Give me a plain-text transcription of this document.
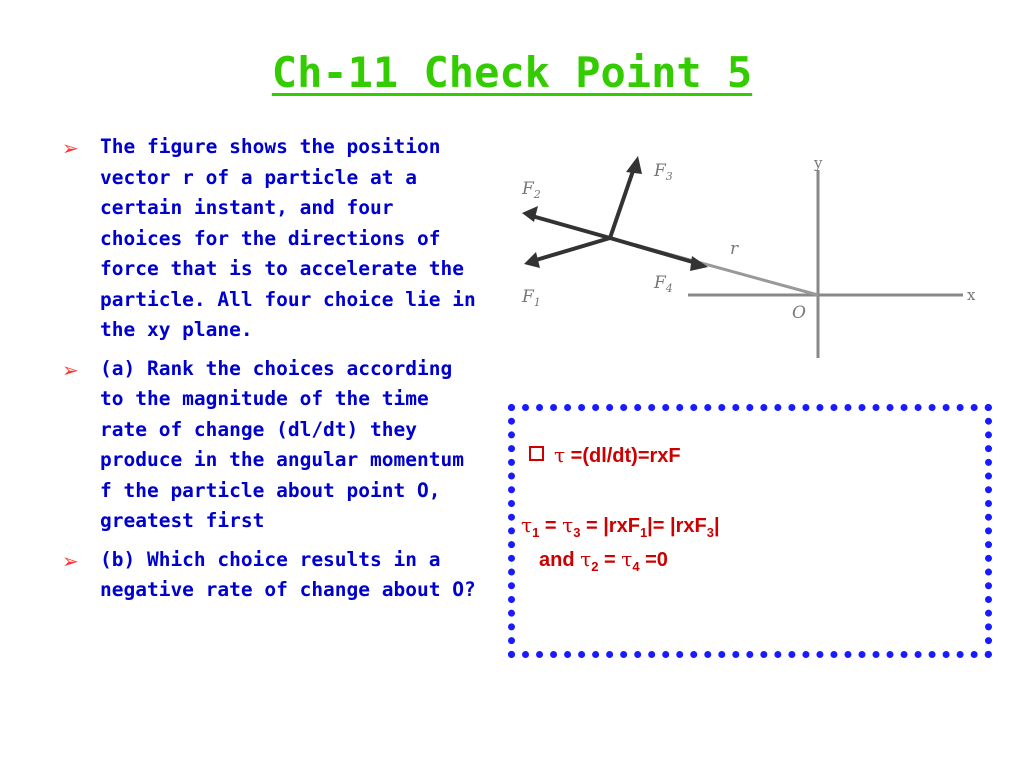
Ch-11 Check Point 5
➢ The figure shows the position vector r of a particle at a certain instant, and four choices for the directions of force that is to accelerate the particle. All four choice lie in the xy plane.
➢ (a) Rank the choices according to the magnitude of the time rate of change (dl/dt) they produce in the angular momentum f the particle about point O, greatest first
➢ (b) Which choice results in a negative rate of change about O?
y
x
O
r
$F_2$
$F_1$
$F_3$
$F_4$
τ =(dl/dt)=rxF
$\tau_1 = \tau_3 = |rxF_1|= |rxF_3|$
and $\tau_2 = \tau_4 =0$
